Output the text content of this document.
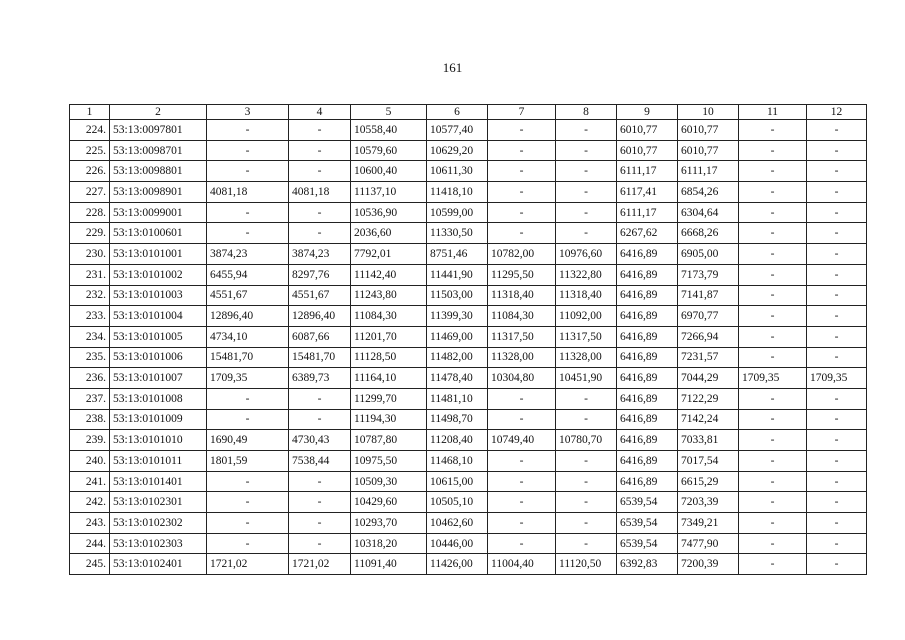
161
1	2	3	4	5	6	7	8	9	10	11	12
224.	53:13:0097801	-	-	10558,40	10577,40	-	-	6010,77	6010,77	-	-
225.	53:13:0098701	-	-	10579,60	10629,20	-	-	6010,77	6010,77	-	-
226.	53:13:0098801	-	-	10600,40	10611,30	-	-	6111,17	6111,17	-	-
227.	53:13:0098901	4081,18	4081,18	11137,10	11418,10	-	-	6117,41	6854,26	-	-
228.	53:13:0099001	-	-	10536,90	10599,00	-	-	6111,17	6304,64	-	-
229.	53:13:0100601	-	-	2036,60	11330,50	-	-	6267,62	6668,26	-	-
230.	53:13:0101001	3874,23	3874,23	7792,01	8751,46	10782,00	10976,60	6416,89	6905,00	-	-
231.	53:13:0101002	6455,94	8297,76	11142,40	11441,90	11295,50	11322,80	6416,89	7173,79	-	-
232.	53:13:0101003	4551,67	4551,67	11243,80	11503,00	11318,40	11318,40	6416,89	7141,87	-	-
233.	53:13:0101004	12896,40	12896,40	11084,30	11399,30	11084,30	11092,00	6416,89	6970,77	-	-
234.	53:13:0101005	4734,10	6087,66	11201,70	11469,00	11317,50	11317,50	6416,89	7266,94	-	-
235.	53:13:0101006	15481,70	15481,70	11128,50	11482,00	11328,00	11328,00	6416,89	7231,57	-	-
236.	53:13:0101007	1709,35	6389,73	11164,10	11478,40	10304,80	10451,90	6416,89	7044,29	1709,35	1709,35
237.	53:13:0101008	-	-	11299,70	11481,10	-	-	6416,89	7122,29	-	-
238.	53:13:0101009	-	-	11194,30	11498,70	-	-	6416,89	7142,24	-	-
239.	53:13:0101010	1690,49	4730,43	10787,80	11208,40	10749,40	10780,70	6416,89	7033,81	-	-
240.	53:13:0101011	1801,59	7538,44	10975,50	11468,10	-	-	6416,89	7017,54	-	-
241.	53:13:0101401	-	-	10509,30	10615,00	-	-	6416,89	6615,29	-	-
242.	53:13:0102301	-	-	10429,60	10505,10	-	-	6539,54	7203,39	-	-
243.	53:13:0102302	-	-	10293,70	10462,60	-	-	6539,54	7349,21	-	-
244.	53:13:0102303	-	-	10318,20	10446,00	-	-	6539,54	7477,90	-	-
245.	53:13:0102401	1721,02	1721,02	11091,40	11426,00	11004,40	11120,50	6392,83	7200,39	-	-
